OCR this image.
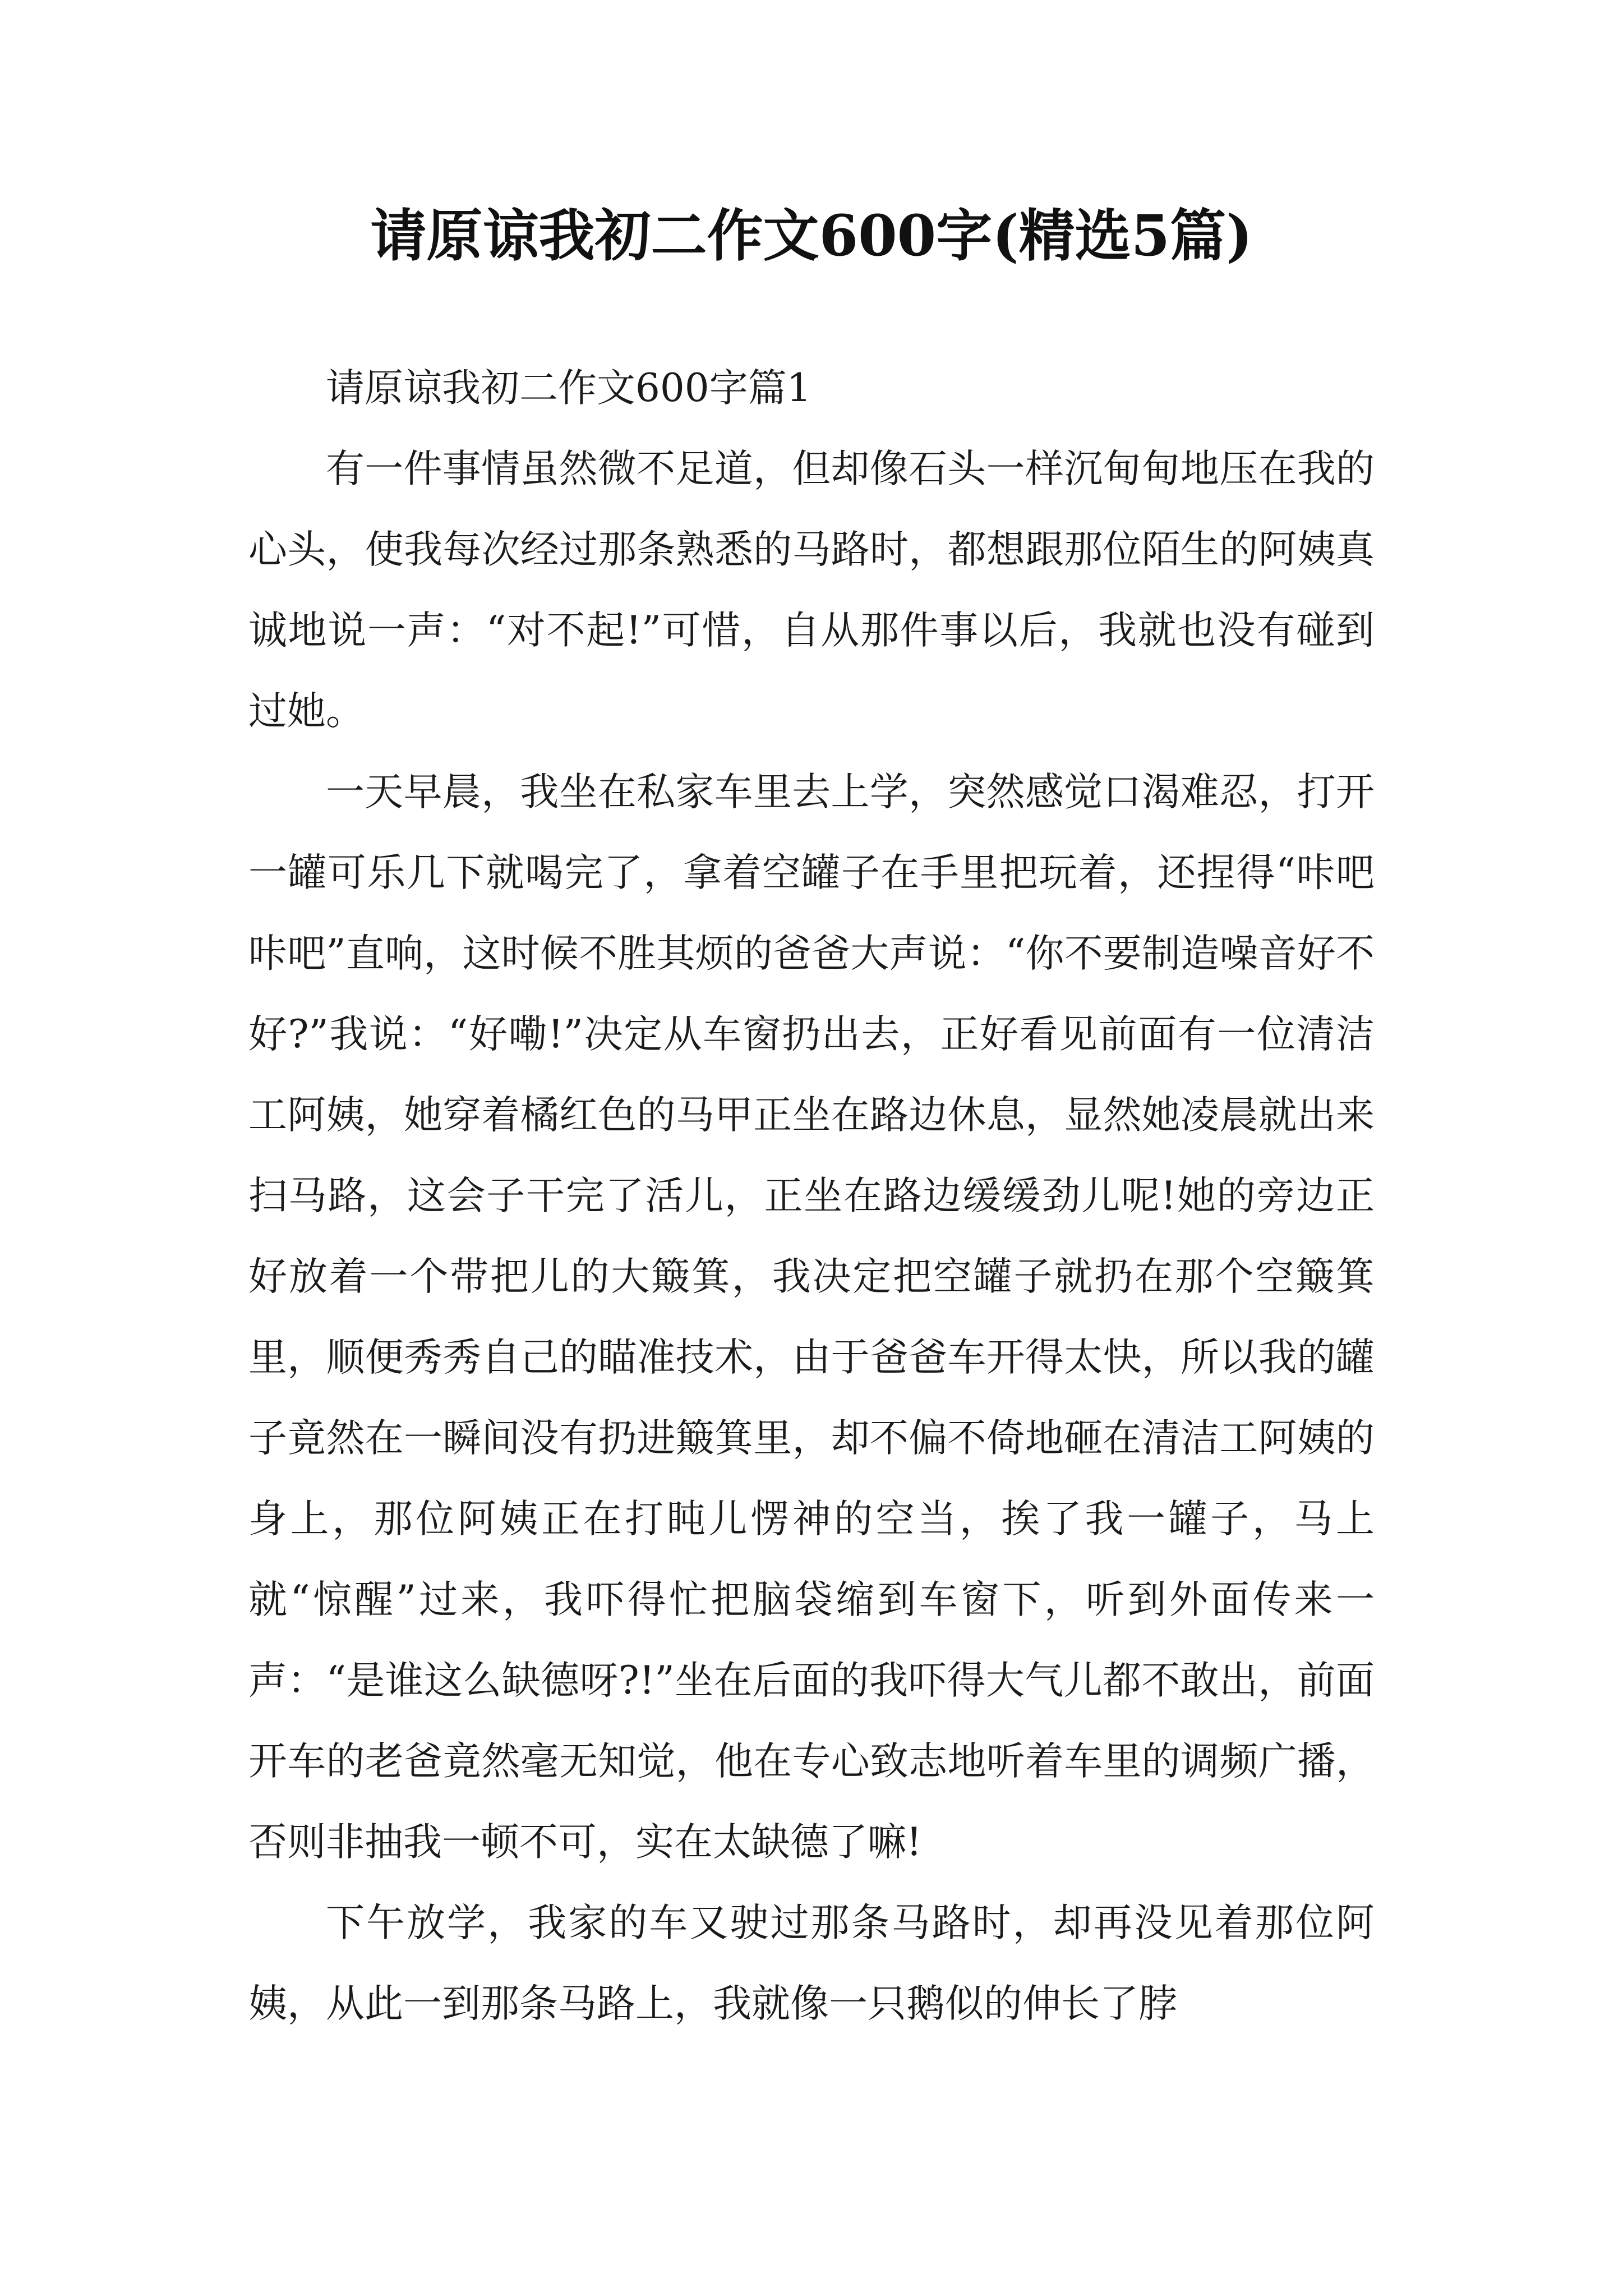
请原谅我初二作文600字(精选5篇)

请原谅我初二作文600字篇1

有一件事情虽然微不足道，但却像石头一样沉甸甸地压在我的心头，使我每次经过那条熟悉的马路时，都想跟那位陌生的阿姨真诚地说一声：“对不起!”可惜，自从那件事以后，我就也没有碰到过她。

一天早晨，我坐在私家车里去上学，突然感觉口渴难忍，打开一罐可乐几下就喝完了，拿着空罐子在手里把玩着，还捏得“咔吧咔吧”直响，这时候不胜其烦的爸爸大声说：“你不要制造噪音好不好?”我说：“好嘞!”决定从车窗扔出去，正好看见前面有一位清洁工阿姨，她穿着橘红色的马甲正坐在路边休息，显然她凌晨就出来扫马路，这会子干完了活儿，正坐在路边缓缓劲儿呢!她的旁边正好放着一个带把儿的大簸箕，我决定把空罐子就扔在那个空簸箕里，顺便秀秀自己的瞄准技术，由于爸爸车开得太快，所以我的罐子竟然在一瞬间没有扔进簸箕里，却不偏不倚地砸在清洁工阿姨的身上，那位阿姨正在打盹儿愣神的空当，挨了我一罐子，马上就“惊醒”过来，我吓得忙把脑袋缩到车窗下，听到外面传来一声：“是谁这么缺德呀?!”坐在后面的我吓得大气儿都不敢出，前面开车的老爸竟然毫无知觉，他在专心致志地听着车里的调频广播，否则非抽我一顿不可，实在太缺德了嘛!

下午放学，我家的车又驶过那条马路时，却再没见着那位阿姨，从此一到那条马路上，我就像一只鹅似的伸长了脖
